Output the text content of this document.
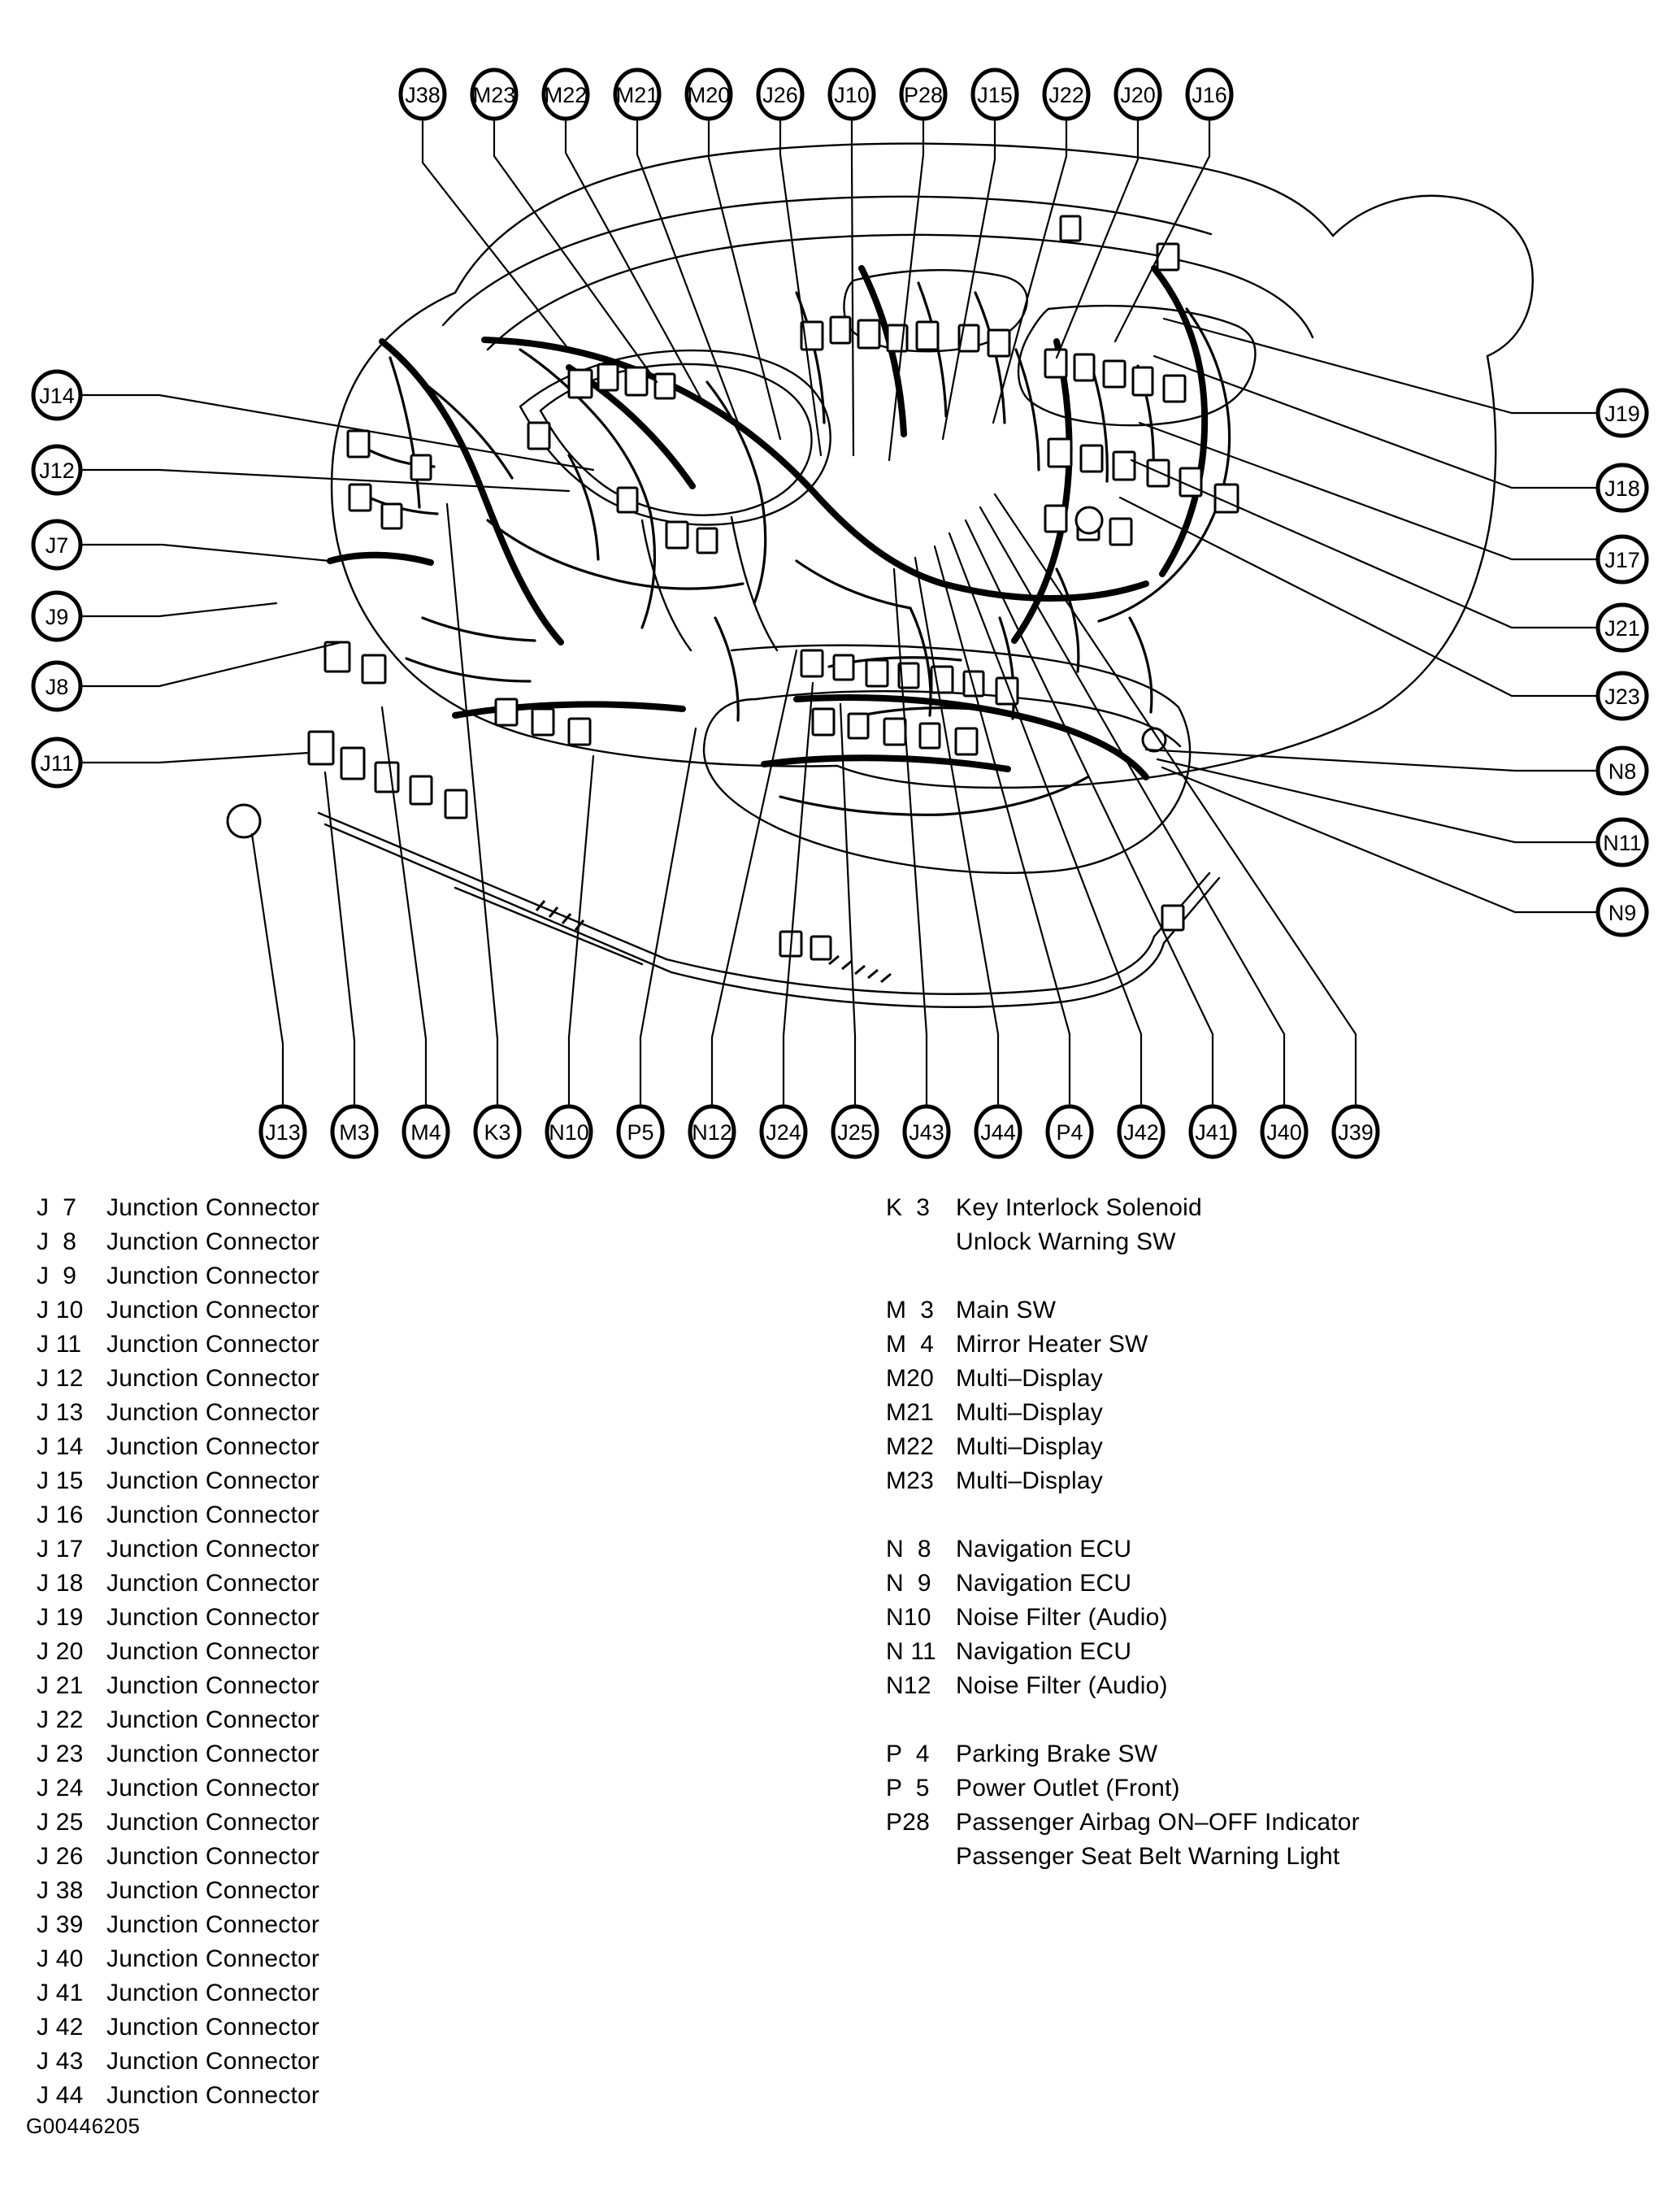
J38 M23 M22 M21 M20 J26 J10 P28 J15 J22 J20 J16
J14
J12
J7
J9
J8
J11
J19
J18
J17
J21
J23
N8
N11
N9
J13 M3 M4 K3 N10 P5 N12 J24 J25 J43 J44 P4 J42 J41 J40 J39
J  7 Junction Connector
J  8 Junction Connector
J  9 Junction Connector
J 10 Junction Connector
J 11 Junction Connector
J 12 Junction Connector
J 13 Junction Connector
J 14 Junction Connector
J 15 Junction Connector
J 16 Junction Connector
J 17 Junction Connector
J 18 Junction Connector
J 19 Junction Connector
J 20 Junction Connector
J 21 Junction Connector
J 22 Junction Connector
J 23 Junction Connector
J 24 Junction Connector
J 25 Junction Connector
J 26 Junction Connector
J 38 Junction Connector
J 39 Junction Connector
J 40 Junction Connector
J 41 Junction Connector
J 42 Junction Connector
J 43 Junction Connector
J 44 Junction Connector
K  3 Key Interlock Solenoid
Unlock Warning SW
M  3 Main SW
M  4 Mirror Heater SW
M20 Multi–Display
M21 Multi–Display
M22 Multi–Display
M23 Multi–Display
N  8 Navigation ECU
N  9 Navigation ECU
N10 Noise Filter (Audio)
N 11 Navigation ECU
N12 Noise Filter (Audio)
P  4 Parking Brake SW
P  5 Power Outlet (Front)
P28 Passenger Airbag ON–OFF Indicator
Passenger Seat Belt Warning Light
G00446205
